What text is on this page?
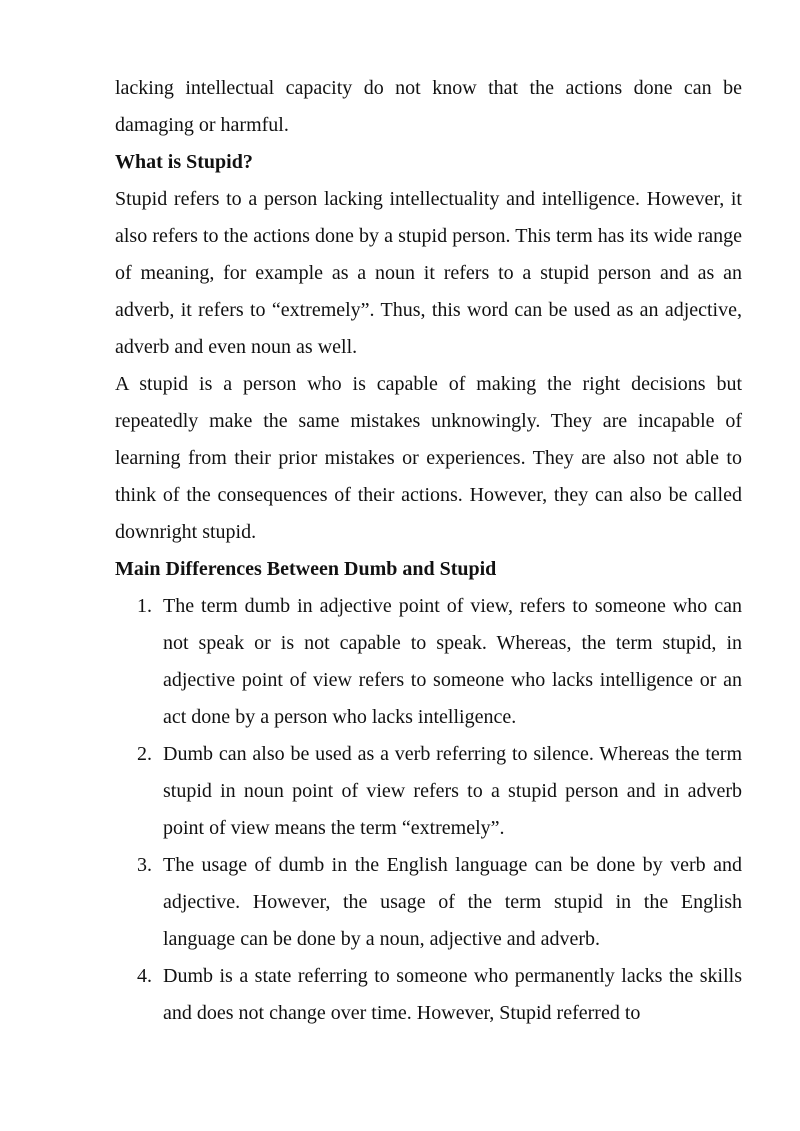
lacking intellectual capacity do not know that the actions done can be damaging or harmful.

What is Stupid?

Stupid refers to a person lacking intellectuality and intelligence. However, it also refers to the actions done by a stupid person. This term has its wide range of meaning, for example as a noun it refers to a stupid person and as an adverb, it refers to “extremely”. Thus, this word can be used as an adjective, adverb and even noun as well.

A stupid is a person who is capable of making the right decisions but repeatedly make the same mistakes unknowingly. They are incapable of learning from their prior mistakes or experiences. They are also not able to think of the consequences of their actions. However, they can also be called downright stupid.

Main Differences Between Dumb and Stupid

1. The term dumb in adjective point of view, refers to someone who can not speak or is not capable to speak. Whereas, the term stupid, in adjective point of view refers to someone who lacks intelligence or an act done by a person who lacks intelligence.
2. Dumb can also be used as a verb referring to silence. Whereas the term stupid in noun point of view refers to a stupid person and in adverb point of view means the term “extremely”.
3. The usage of dumb in the English language can be done by verb and adjective. However, the usage of the term stupid in the English language can be done by a noun, adjective and adverb.
4. Dumb is a state referring to someone who permanently lacks the skills and does not change over time. However, Stupid referred to
